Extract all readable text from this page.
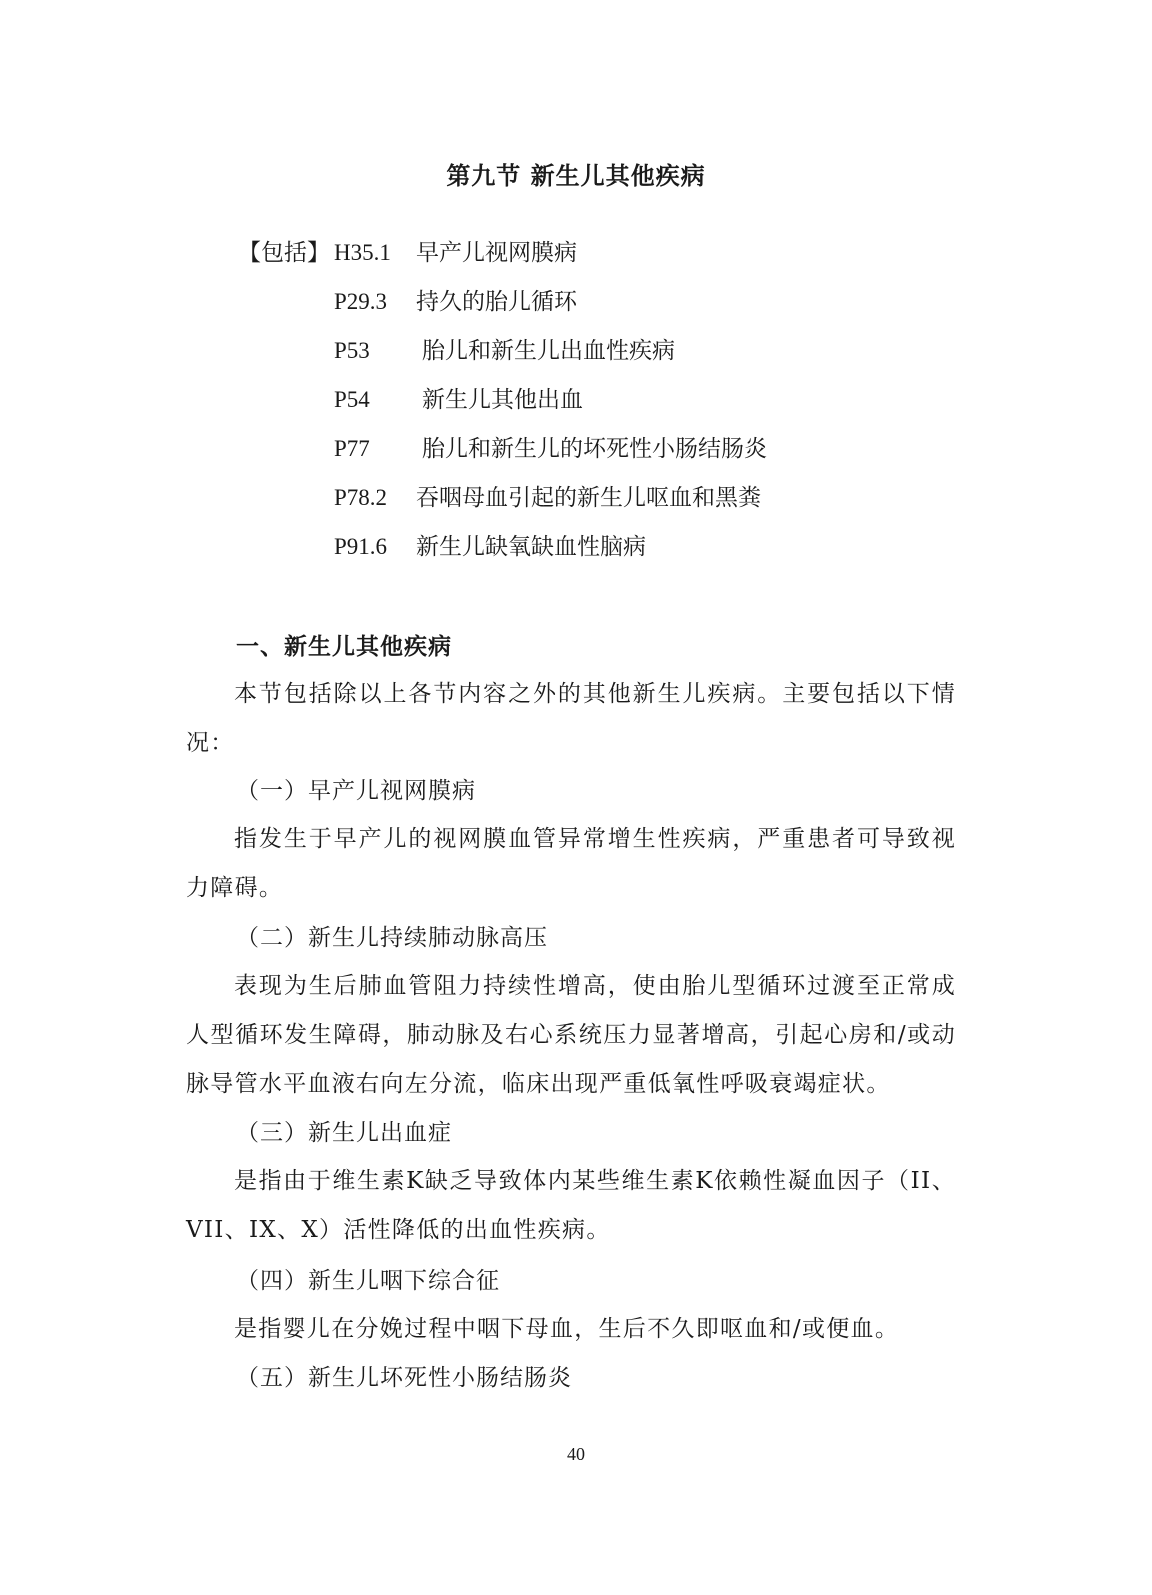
第九节 新生儿其他疾病
【包括】 H35.1 早产儿视网膜病
P29.3 持久的胎儿循环
P53 胎儿和新生儿出血性疾病
P54 新生儿其他出血
P77 胎儿和新生儿的坏死性小肠结肠炎
P78.2 吞咽母血引起的新生儿呕血和黑粪
P91.6 新生儿缺氧缺血性脑病
一、新生儿其他疾病
本节包括除以上各节内容之外的其他新生儿疾病。主要包括以下情况：
（一）早产儿视网膜病
指发生于早产儿的视网膜血管异常增生性疾病，严重患者可导致视力障碍。
（二）新生儿持续肺动脉高压
表现为生后肺血管阻力持续性增高，使由胎儿型循环过渡至正常成人型循环发生障碍，肺动脉及右心系统压力显著增高，引起心房和/或动脉导管水平血液右向左分流，临床出现严重低氧性呼吸衰竭症状。
（三）新生儿出血症
是指由于维生素K缺乏导致体内某些维生素K依赖性凝血因子（II、VII、IX、X）活性降低的出血性疾病。
（四）新生儿咽下综合征
是指婴儿在分娩过程中咽下母血，生后不久即呕血和/或便血。
（五）新生儿坏死性小肠结肠炎
40
